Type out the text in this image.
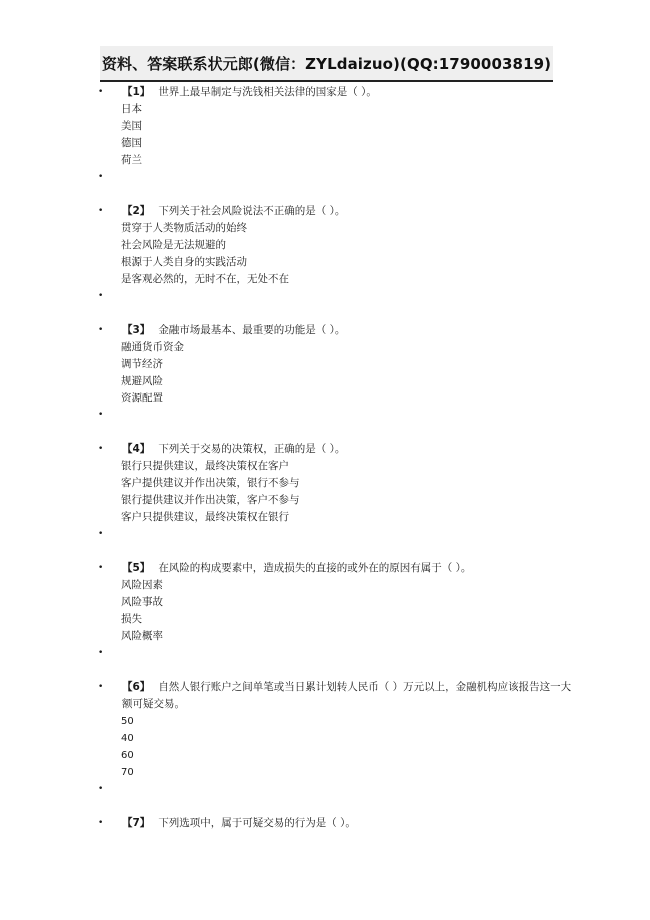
资料、答案联系状元郎(微信：ZYLdaizuo)(QQ:1790003819)
• 【1】 世界上最早制定与洗钱相关法律的国家是（ ）。
日本
美国
德国
荷兰
•
• 【2】 下列关于社会风险说法不正确的是（ ）。
贯穿于人类物质活动的始终
社会风险是无法规避的
根源于人类自身的实践活动
是客观必然的，无时不在，无处不在
•
• 【3】 金融市场最基本、最重要的功能是（ ）。
融通货币资金
调节经济
规避风险
资源配置
•
• 【4】 下列关于交易的决策权，正确的是（ ）。
银行只提供建议，最终决策权在客户
客户提供建议并作出决策，银行不参与
银行提供建议并作出决策，客户不参与
客户只提供建议，最终决策权在银行
•
• 【5】 在风险的构成要素中，造成损失的直接的或外在的原因有属于（ ）。
风险因素
风险事故
损失
风险概率
•
• 【6】 自然人银行账户之间单笔或当日累计划转人民币（ ）万元以上，金融机构应该报告这一大额可疑交易。
50
40
60
70
•
• 【7】 下列选项中，属于可疑交易的行为是（ ）。
